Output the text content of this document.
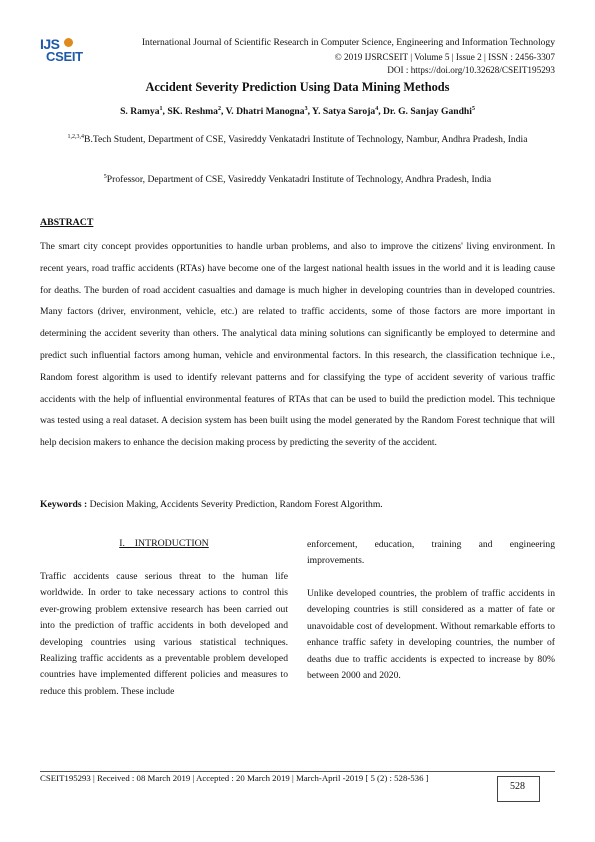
IJS
CSEIT
International Journal of Scientific Research in Computer Science, Engineering and Information Technology
© 2019 IJSRCSEIT | Volume 5 | Issue 2 | ISSN : 2456-3307
DOI : https://doi.org/10.32628/CSEIT195293
Accident Severity Prediction Using Data Mining Methods
S. Ramya$^1$, SK. Reshma$^2$, V. Dhatri Manogna$^3$, Y. Satya Saroja$^4$, Dr. G. Sanjay Gandhi$^5$
$^{1,2,3,4}$B.Tech Student, Department of CSE, Vasireddy Venkatadri Institute of Technology, Nambur, Andhra Pradesh, India
$^5$Professor, Department of CSE, Vasireddy Venkatadri Institute of Technology, Andhra Pradesh, India
ABSTRACT
The smart city concept provides opportunities to handle urban problems, and also to improve the citizens' living environment. In recent years, road traffic accidents (RTAs) have become one of the largest national health issues in the world and it is leading cause for deaths. The burden of road accident casualties and damage is much higher in developing countries than in developed countries. Many factors (driver, environment, vehicle, etc.) are related to traffic accidents, some of those factors are more important in determining the accident severity than others. The analytical data mining solutions can significantly be employed to determine and predict such influential factors among human, vehicle and environmental factors. In this research, the classification technique i.e., Random forest algorithm is used to identify relevant patterns and for classifying the type of accident severity of various traffic accidents with the help of influential environmental features of RTAs that can be used to build the prediction model. This technique was tested using a real dataset. A decision system has been built using the model generated by the Random Forest technique that will help decision makers to enhance the decision making process by predicting the severity of the accident.
Keywords : Decision Making, Accidents Severity Prediction, Random Forest Algorithm.
I.    INTRODUCTION
Traffic accidents cause serious threat to the human life worldwide. In order to take necessary actions to control this ever-growing problem extensive research has been carried out into the prediction of traffic accidents in both developed and developing countries using various statistical techniques. Realizing traffic accidents as a preventable problem developed countries have implemented different policies and measures to reduce this problem. These include
enforcement, education, training and engineering improvements.
Unlike developed countries, the problem of traffic accidents in developing countries is still considered as a matter of fate or unavoidable cost of development. Without remarkable efforts to enhance traffic safety in developing countries, the number of deaths due to traffic accidents is expected to increase by 80% between 2000 and 2020.
CSEIT195293 | Received : 08 March 2019 | Accepted : 20 March 2019 | March-April -2019 [ 5 (2) : 528-536 ]
528
